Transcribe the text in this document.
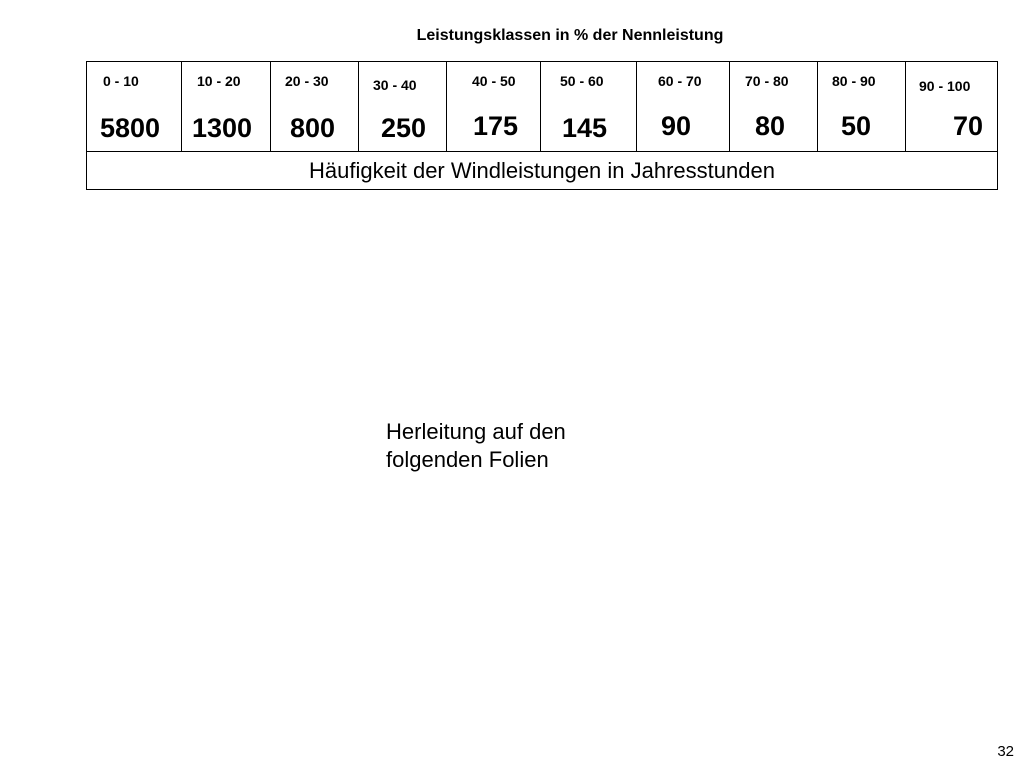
Leistungsklassen in % der Nennleistung
0 - 10	10 - 20	20 - 30	30 - 40	40 - 50	50 - 60	60 - 70	70 - 80	80 - 90	90 - 100
5800 1300 800 250 175 145 90 80 50	70
Häufigkeit der Windleistungen in Jahresstunden
Herleitung auf den
folgenden Folien
32
